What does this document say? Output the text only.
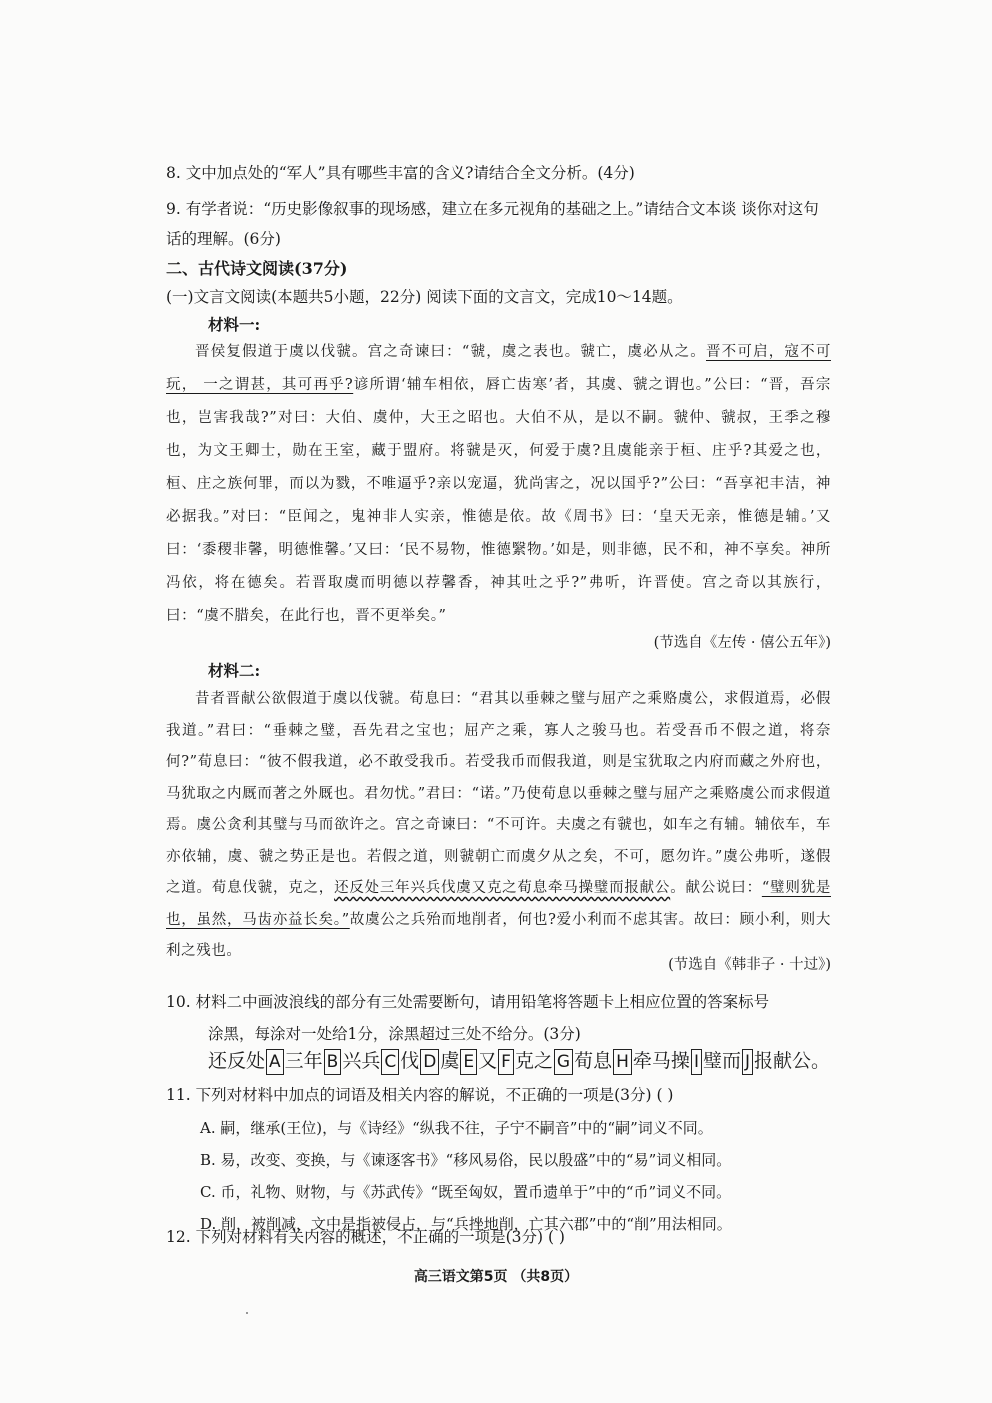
8. 文中加点处的“军人”具有哪些丰富的含义?请结合全文分析。(4分)
9. 有学者说：“历史影像叙事的现场感，建立在多元视角的基础之上。”请结合文本谈 谈你对这句话的理解。(6分)
二、古代诗文阅读(37分)
(一)文言文阅读(本题共5小题，22分) 阅读下面的文言文，完成10～14题。
材料一:
晋侯复假道于虞以伐虢。宫之奇谏曰：“虢，虞之表也。虢亡，虞必从之。晋不可启，寇不可玩， 一之谓甚，其可再乎?谚所谓‘辅车相依，唇亡齿寒’者，其虞、虢之谓也。”公曰：“晋，吾宗也，岂害我哉?”对曰：大伯、虞仲，大王之昭也。大伯不从，是以不嗣。虢仲、虢叔，王季之穆也，为文王卿士，勋在王室，藏于盟府。将虢是灭，何爱于虞?且虞能亲于桓、庄乎?其爱之也，桓、庄之族何罪，而以为戮，不唯逼乎?亲以宠逼，犹尚害之，况以国乎?”公曰：“吾享祀丰洁，神必据我。”对曰：“臣闻之，鬼神非人实亲，惟德是依。故《周书》曰：‘皇天无亲，惟德是辅。’又曰：‘黍稷非馨，明德惟馨。’又曰：‘民不易物，惟德繄物。’如是，则非德，民不和，神不享矣。神所冯依，将在德矣。若晋取虞而明德以荐馨香，神其吐之乎?”弗听，许晋使。宫之奇以其族行，曰：“虞不腊矣，在此行也，晋不更举矣。”
(节选自《左传 · 僖公五年》)
材料二:
昔者晋献公欲假道于虞以伐虢。荀息曰：“君其以垂棘之璧与屈产之乘赂虞公，求假道焉，必假我道。”君曰：“垂棘之璧，吾先君之宝也；屈产之乘，寡人之骏马也。若受吾币不假之道，将奈何?”荀息曰：“彼不假我道，必不敢受我币。若受我币而假我道，则是宝犹取之内府而藏之外府也，马犹取之内厩而著之外厩也。君勿忧。”君曰：“诺。”乃使荀息以垂棘之璧与屈产之乘赂虞公而求假道焉。虞公贪利其璧与马而欲许之。宫之奇谏曰：“不可许。夫虞之有虢也，如车之有辅。辅依车，车亦依辅，虞、虢之势正是也。若假之道，则虢朝亡而虞夕从之矣，不可，愿勿许。”虞公弗听，遂假之道。荀息伐虢，克之，还反处三年兴兵伐虞又克之荀息牵马操璧而报献公。献公说曰：“璧则犹是也，虽然，马齿亦益长矣。”故虞公之兵殆而地削者，何也?爱小利而不虑其害。故曰：顾小利，则大利之残也。
(节选自《韩非子 · 十过》)
10. 材料二中画波浪线的部分有三处需要断句，请用铅笔将答题卡上相应位置的答案标号
涂黑，每涂对一处给1分，涂黑超过三处不给分。(3分)
还反处 A 三年 B 兴兵 C 伐 D 虞 E 又 F 克之 G 荀息 H 牵马操 I 璧而 J 报献公。
11. 下列对材料中加点的词语及相关内容的解说，不正确的一项是(3分) ( )
A. 嗣，继承(王位)，与《诗经》“纵我不往，子宁不嗣音”中的“嗣”词义不同。
B. 易，改变、变换，与《谏逐客书》“移风易俗，民以殷盛”中的“易”词义相同。
C. 币，礼物、财物，与《苏武传》“既至匈奴，置币遗单于”中的“币”词义不同。
D. 削，被削减，文中是指被侵占，与“兵挫地削，亡其六郡”中的“削”用法相同。
12. 下列对材料有关内容的概述，不正确的一项是(3分) ( )
高三语文第5页 （共8页）
